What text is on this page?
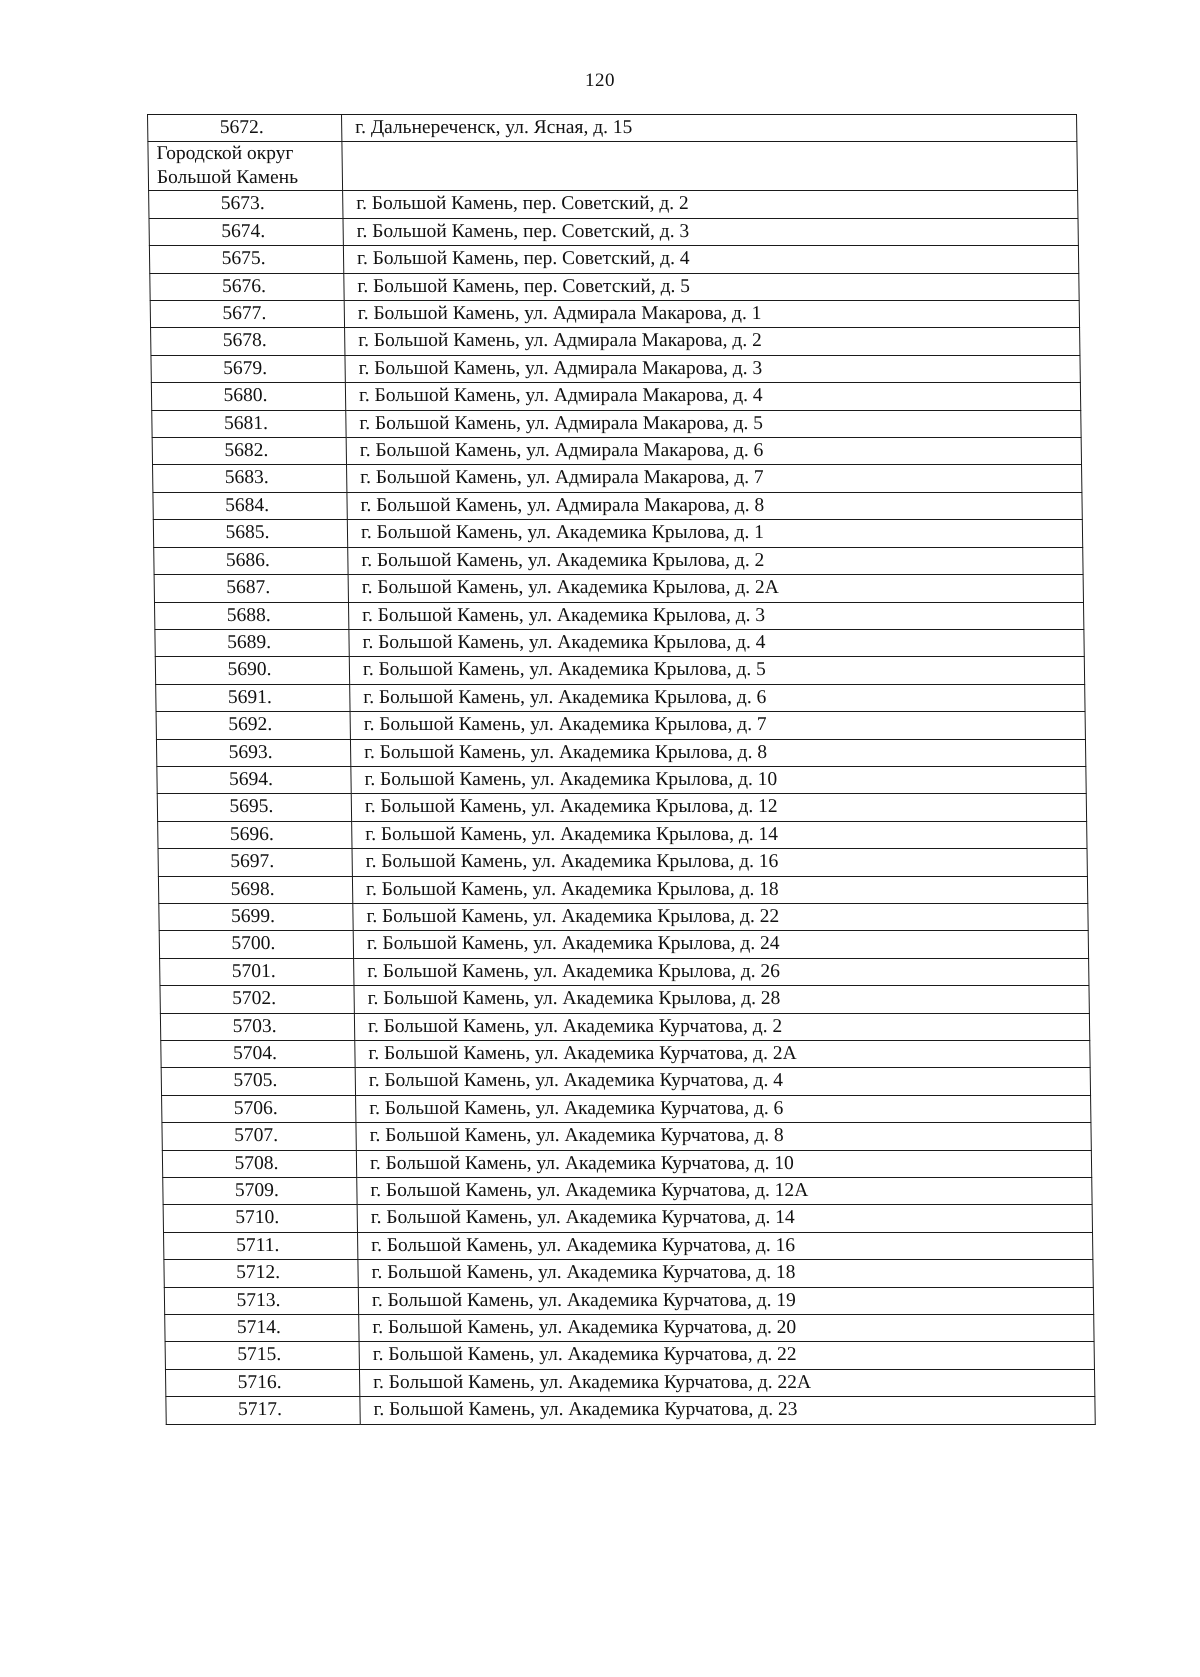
120
5672.	г. Дальнереченск, ул. Ясная, д. 15
Городской округ Большой Камень	
5673.	г. Большой Камень, пер. Советский, д. 2
5674.	г. Большой Камень, пер. Советский, д. 3
5675.	г. Большой Камень, пер. Советский, д. 4
5676.	г. Большой Камень, пер. Советский, д. 5
5677.	г. Большой Камень, ул. Адмирала Макарова, д. 1
5678.	г. Большой Камень, ул. Адмирала Макарова, д. 2
5679.	г. Большой Камень, ул. Адмирала Макарова, д. 3
5680.	г. Большой Камень, ул. Адмирала Макарова, д. 4
5681.	г. Большой Камень, ул. Адмирала Макарова, д. 5
5682.	г. Большой Камень, ул. Адмирала Макарова, д. 6
5683.	г. Большой Камень, ул. Адмирала Макарова, д. 7
5684.	г. Большой Камень, ул. Адмирала Макарова, д. 8
5685.	г. Большой Камень, ул. Академика Крылова, д. 1
5686.	г. Большой Камень, ул. Академика Крылова, д. 2
5687.	г. Большой Камень, ул. Академика Крылова, д. 2А
5688.	г. Большой Камень, ул. Академика Крылова, д. 3
5689.	г. Большой Камень, ул. Академика Крылова, д. 4
5690.	г. Большой Камень, ул. Академика Крылова, д. 5
5691.	г. Большой Камень, ул. Академика Крылова, д. 6
5692.	г. Большой Камень, ул. Академика Крылова, д. 7
5693.	г. Большой Камень, ул. Академика Крылова, д. 8
5694.	г. Большой Камень, ул. Академика Крылова, д. 10
5695.	г. Большой Камень, ул. Академика Крылова, д. 12
5696.	г. Большой Камень, ул. Академика Крылова, д. 14
5697.	г. Большой Камень, ул. Академика Крылова, д. 16
5698.	г. Большой Камень, ул. Академика Крылова, д. 18
5699.	г. Большой Камень, ул. Академика Крылова, д. 22
5700.	г. Большой Камень, ул. Академика Крылова, д. 24
5701.	г. Большой Камень, ул. Академика Крылова, д. 26
5702.	г. Большой Камень, ул. Академика Крылова, д. 28
5703.	г. Большой Камень, ул. Академика Курчатова, д. 2
5704.	г. Большой Камень, ул. Академика Курчатова, д. 2А
5705.	г. Большой Камень, ул. Академика Курчатова, д. 4
5706.	г. Большой Камень, ул. Академика Курчатова, д. 6
5707.	г. Большой Камень, ул. Академика Курчатова, д. 8
5708.	г. Большой Камень, ул. Академика Курчатова, д. 10
5709.	г. Большой Камень, ул. Академика Курчатова, д. 12А
5710.	г. Большой Камень, ул. Академика Курчатова, д. 14
5711.	г. Большой Камень, ул. Академика Курчатова, д. 16
5712.	г. Большой Камень, ул. Академика Курчатова, д. 18
5713.	г. Большой Камень, ул. Академика Курчатова, д. 19
5714.	г. Большой Камень, ул. Академика Курчатова, д. 20
5715.	г. Большой Камень, ул. Академика Курчатова, д. 22
5716.	г. Большой Камень, ул. Академика Курчатова, д. 22А
5717.	г. Большой Камень, ул. Академика Курчатова, д. 23
